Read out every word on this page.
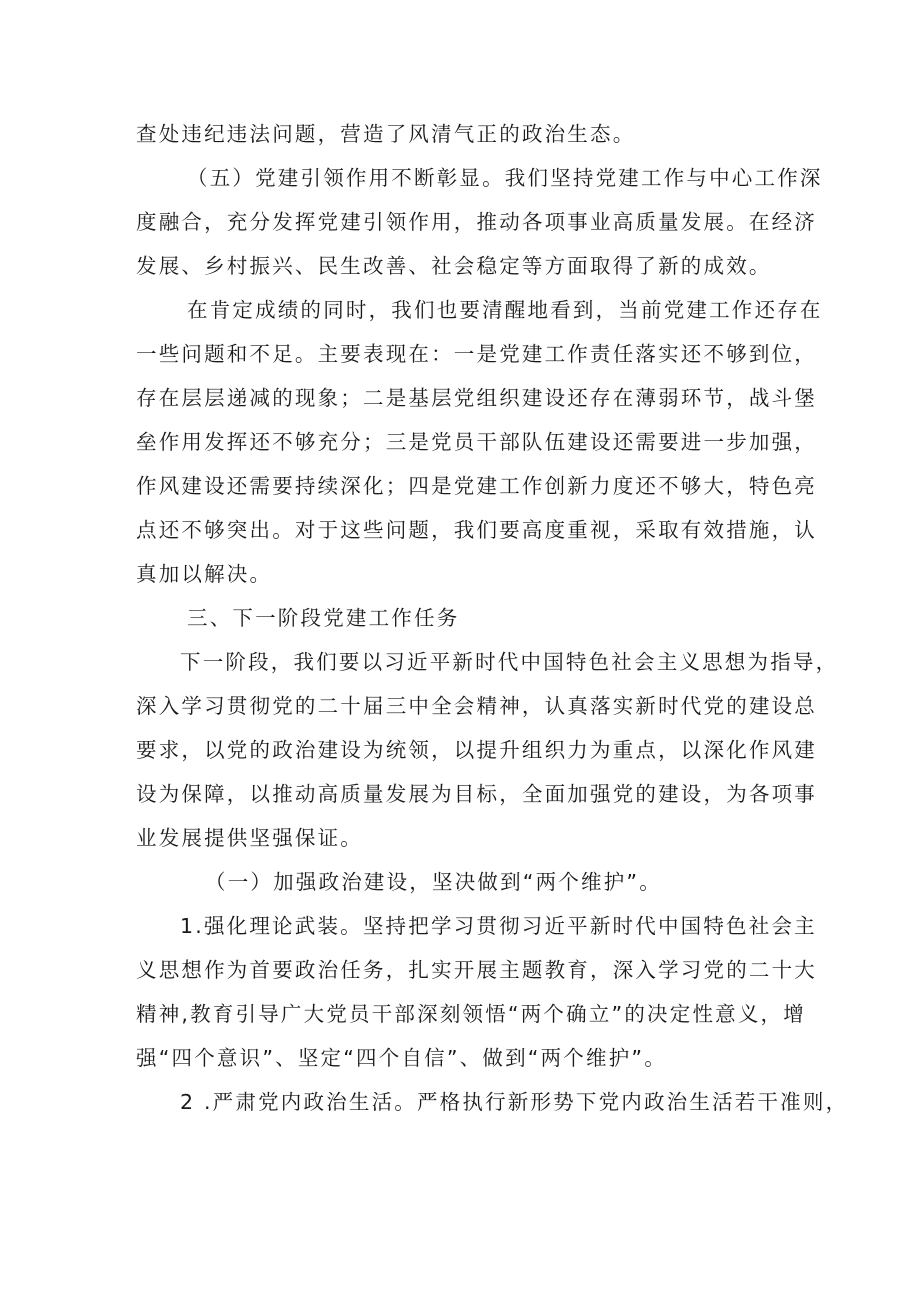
查处违纪违法问题，营造了风清气正的政治生态。
（五）党建引领作用不断彰显。我们坚持党建工作与中心工作深
度融合，充分发挥党建引领作用，推动各项事业高质量发展。在经济
发展、乡村振兴、民生改善、社会稳定等方面取得了新的成效。
在肯定成绩的同时，我们也要清醒地看到，当前党建工作还存在
一些问题和不足。主要表现在：一是党建工作责任落实还不够到位，
存在层层递减的现象；二是基层党组织建设还存在薄弱环节，战斗堡
垒作用发挥还不够充分；三是党员干部队伍建设还需要进一步加强，
作风建设还需要持续深化；四是党建工作创新力度还不够大，特色亮
点还不够突出。对于这些问题，我们要高度重视，采取有效措施，认
真加以解决。
三、下一阶段党建工作任务
下一阶段，我们要以习近平新时代中国特色社会主义思想为指导，
深入学习贯彻党的二十届三中全会精神，认真落实新时代党的建设总
要求，以党的政治建设为统领，以提升组织力为重点，以深化作风建
设为保障，以推动高质量发展为目标，全面加强党的建设，为各项事
业发展提供坚强保证。
（一）加强政治建设，坚决做到“两个维护”。
1.强化理论武装。坚持把学习贯彻习近平新时代中国特色社会主
义思想作为首要政治任务，扎实开展主题教育，深入学习党的二十大
精神,教育引导广大党员干部深刻领悟“两个确立”的决定性意义，增
强“四个意识”、坚定“四个自信”、做到“两个维护”。
2 .严肃党内政治生活。严格执行新形势下党内政治生活若干准则，
